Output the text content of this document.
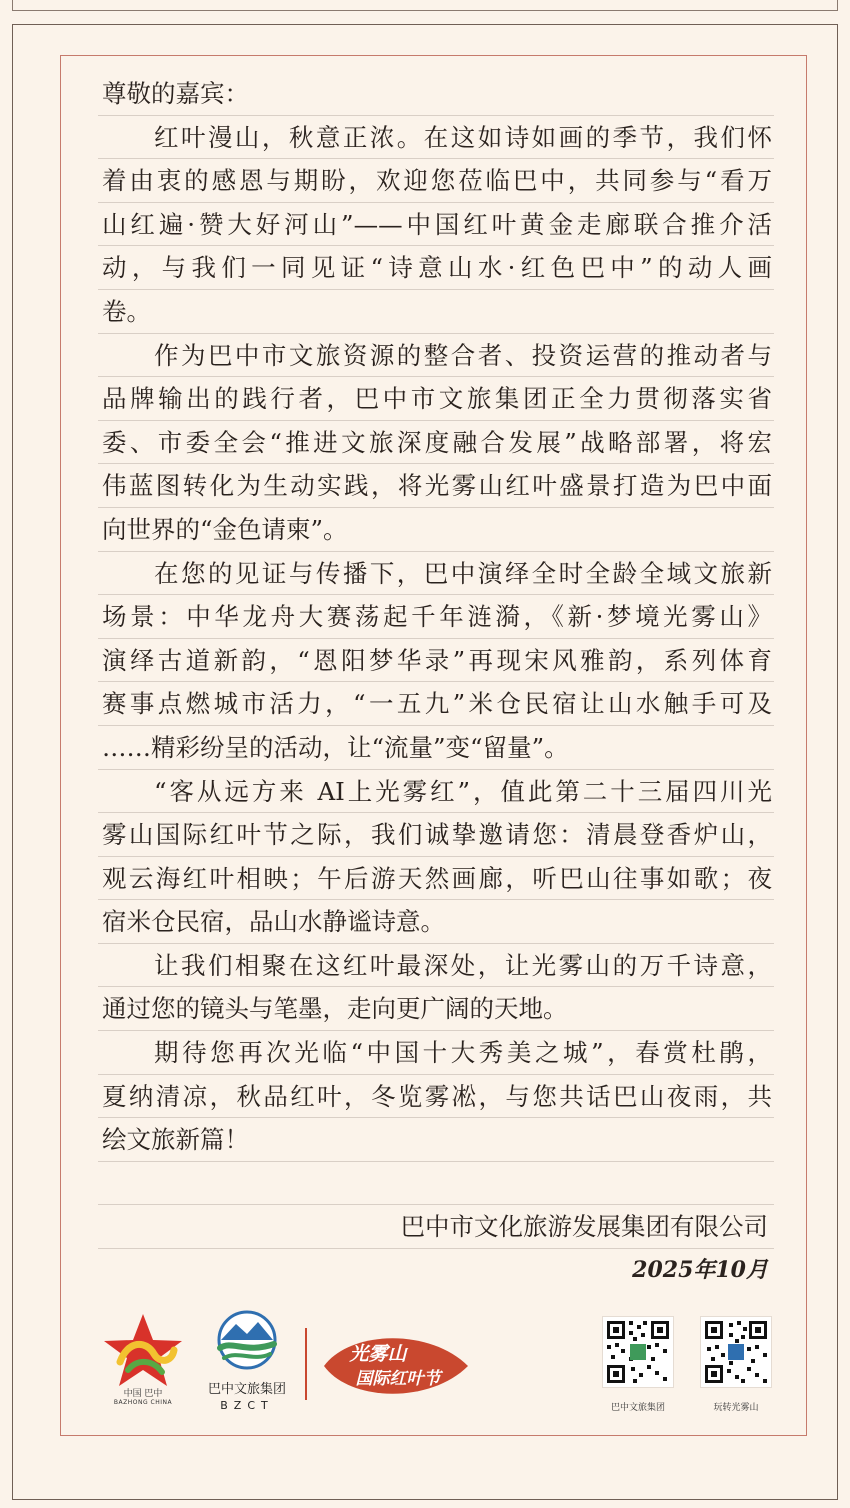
尊敬的嘉宾：
红叶漫山，秋意正浓。在这如诗如画的季节，我们怀
着由衷的感恩与期盼，欢迎您莅临巴中，共同参与“看万
山红遍·赞大好河山”——中国红叶黄金走廊联合推介活
动，与我们一同见证“诗意山水·红色巴中”的动人画
卷。
作为巴中市文旅资源的整合者、投资运营的推动者与
品牌输出的践行者，巴中市文旅集团正全力贯彻落实省
委、市委全会“推进文旅深度融合发展”战略部署，将宏
伟蓝图转化为生动实践，将光雾山红叶盛景打造为巴中面
向世界的“金色请柬”。
在您的见证与传播下，巴中演绎全时全龄全域文旅新
场景：中华龙舟大赛荡起千年涟漪，《新·梦境光雾山》
演绎古道新韵，“恩阳梦华录”再现宋风雅韵，系列体育
赛事点燃城市活力，“一五九”米仓民宿让山水触手可及
……精彩纷呈的活动，让“流量”变“留量”。
“客从远方来 AI上光雾红”，值此第二十三届四川光
雾山国际红叶节之际，我们诚挚邀请您：清晨登香炉山，
观云海红叶相映；午后游天然画廊，听巴山往事如歌；夜
宿米仓民宿，品山水静谧诗意。
让我们相聚在这红叶最深处，让光雾山的万千诗意，
通过您的镜头与笔墨，走向更广阔的天地。
期待您再次光临“中国十大秀美之城”，春赏杜鹃，
夏纳清凉，秋品红叶，冬览雾凇，与您共话巴山夜雨，共
绘文旅新篇！
巴中市文化旅游发展集团有限公司
2025年10月
中国 巴中
BAZHONG CHINA
巴中文旅集团
BZCT
光雾山
国际红叶节
巴中文旅集团	玩转光雾山
